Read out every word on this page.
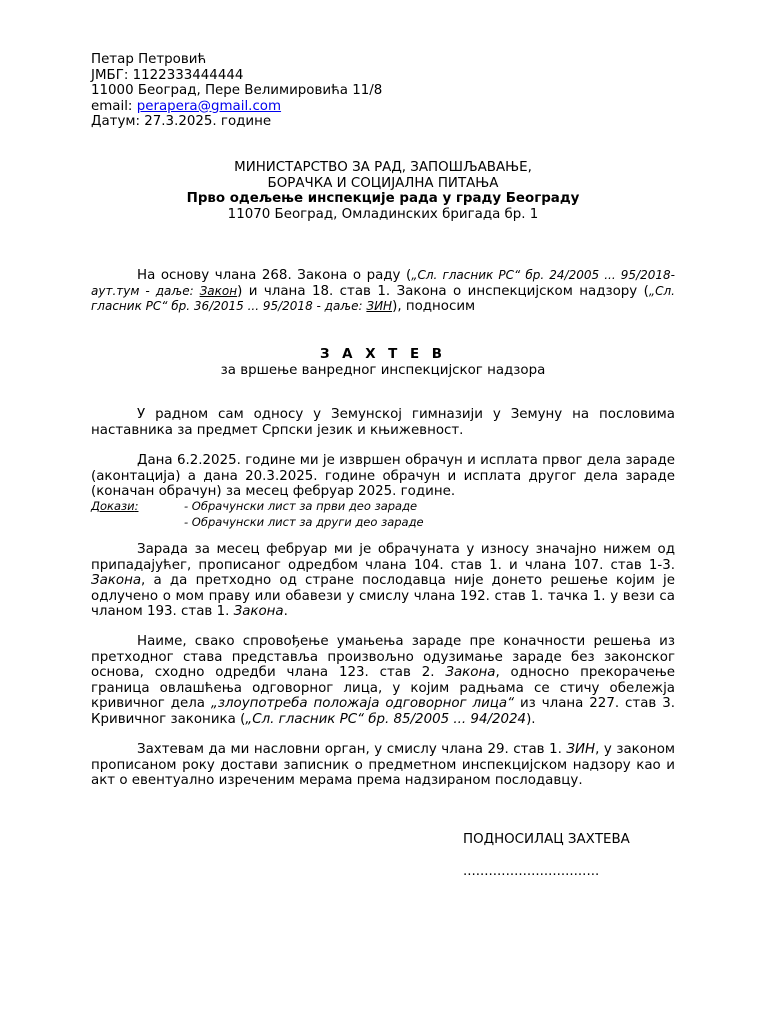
Петар Петровић
ЈМБГ: 1122333444444
11000 Београд, Пере Велимировића 11/8
email: perapera@gmail.com
Датум: 27.3.2025. године
МИНИСТАРСТВО ЗА РАД, ЗАПОШЉАВАЊЕ,
БОРАЧКА И СОЦИЈАЛНА ПИТАЊА
Прво одељење инспекције рада у граду Београду
11070 Београд, Омладинских бригада бр. 1
На основу члана 268. Закона о раду („Сл. гласник РС“ бр. 24/2005 ... 95/2018-аут.тум - даље: Закон) и члана 18. став 1. Закона о инспекцијском надзору („Сл. гласник РС“ бр. 36/2015 ... 95/2018 - даље: ЗИН), подносим
З А Х Т Е В
за вршење ванредног инспекцијског надзора
У радном сам односу у Земунској гимназији у Земуну на пословима наставника за предмет Српски језик и књижевност.
Дана 6.2.2025. године ми је извршен обрачун и исплата првог дела зараде (аконтација) а дана 20.3.2025. године обрачун и исплата другог дела зараде (коначан обрачун) за месец фебруар 2025. године.
Докази:	- Обрачунски лист за први део зараде
- Обрачунски лист за други део зараде
Зарада за месец фебруар ми је обрачуната у износу значајно нижем од припадајућег, прописаног одредбом члана 104. став 1. и члана 107. став 1-3. Закона, а да претходно од стране послодавца није донето решење којим је одлучено о мом праву или обавези у смислу члана 192. став 1. тачка 1. у вези са чланом 193. став 1. Закона.
Наиме, свако спровођење умањења зараде пре коначности решења из претходног става представља произвољно одузимање зараде без законског основа, сходно одредби члана 123. став 2. Закона, односно прекорачење граница овлашћења одговорног лица, у којим радњама се стичу обележја кривичног дела „злоупотреба положаја одговорног лица“ из члана 227. став 3. Кривичног законика („Сл. гласник РС“ бр. 85/2005 ... 94/2024).
Захтевам да ми насловни орган, у смислу члана 29. став 1. ЗИН, у законом прописаном року достави записник о предметном инспекцијском надзору као и акт о евентуално изреченим мерама према надзираном послодавцу.
ПОДНОСИЛАЦ ЗАХТЕВА
................................
